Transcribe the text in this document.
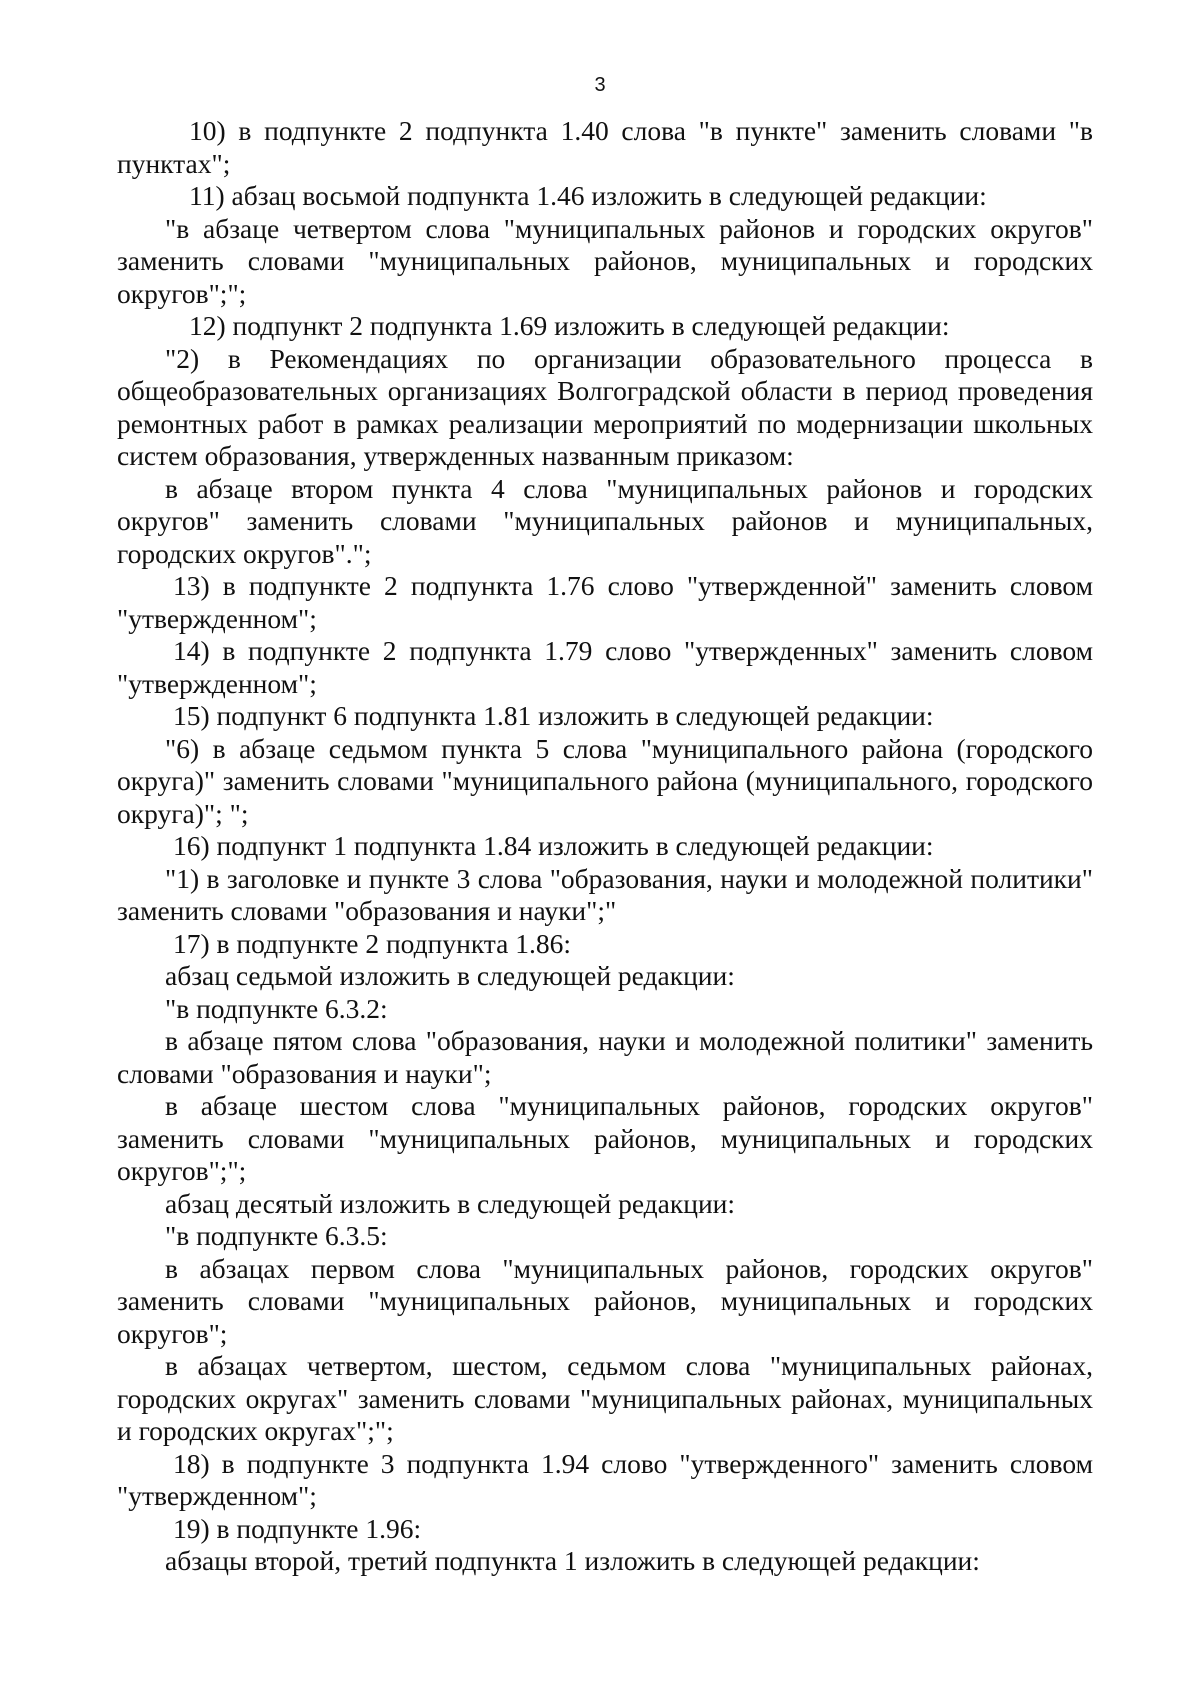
3

10) в подпункте 2 подпункта 1.40 слова "в пункте" заменить словами "в пунктах";

11) абзац восьмой подпункта 1.46 изложить в следующей редакции:

"в абзаце четвертом слова "муниципальных районов и городских округов" заменить словами "муниципальных районов, муниципальных и городских округов";";

12) подпункт 2 подпункта 1.69 изложить в следующей редакции:

"2) в Рекомендациях по организации образовательного процесса в общеобразовательных организациях Волгоградской области в период проведения ремонтных работ в рамках реализации мероприятий по модернизации школьных систем образования, утвержденных названным приказом:

в абзаце втором пункта 4 слова "муниципальных районов и городских округов" заменить словами "муниципальных районов и муниципальных, городских округов".";

13) в подпункте 2 подпункта 1.76 слово "утвержденной" заменить словом "утвержденном";

14) в подпункте 2 подпункта 1.79 слово "утвержденных" заменить словом "утвержденном";

15) подпункт 6 подпункта 1.81 изложить в следующей редакции:

"6) в абзаце седьмом пункта 5 слова "муниципального района (городского округа)" заменить словами "муниципального района (муниципального, городского округа)"; ";

16) подпункт 1 подпункта 1.84 изложить в следующей редакции:

"1) в заголовке и пункте 3 слова "образования, науки и молодежной политики" заменить словами "образования и науки";"

17) в подпункте 2 подпункта 1.86:

абзац седьмой изложить в следующей редакции:

"в подпункте 6.3.2:

в абзаце пятом слова "образования, науки и молодежной политики" заменить словами "образования и науки";

в абзаце шестом слова "муниципальных районов, городских округов" заменить словами "муниципальных районов, муниципальных и городских округов";";

абзац десятый изложить в следующей редакции:

"в подпункте 6.3.5:

в абзацах первом слова "муниципальных районов, городских округов" заменить словами "муниципальных районов, муниципальных и городских округов";

в абзацах четвертом, шестом, седьмом слова "муниципальных районах, городских округах" заменить словами "муниципальных районах, муниципальных и городских округах";";

18) в подпункте 3 подпункта 1.94 слово "утвержденного" заменить словом "утвержденном";

19) в подпункте 1.96:

абзацы второй, третий подпункта 1 изложить в следующей редакции:
